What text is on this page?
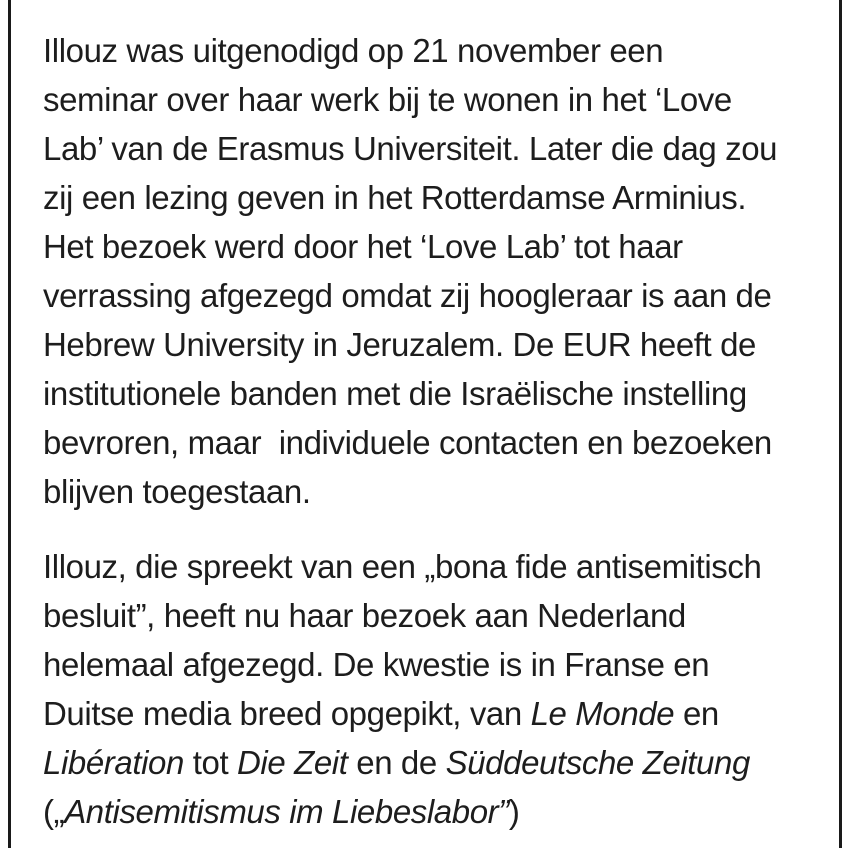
Illouz was uitgenodigd op 21 november een
seminar over haar werk bij te wonen in het ‘Love
Lab’ van de Erasmus Universiteit. Later die dag zou
zij een lezing geven in het Rotterdamse Arminius.
Het bezoek werd door het ‘Love Lab’ tot haar
verrassing afgezegd omdat zij hoogleraar is aan de
Hebrew University in Jeruzalem. De EUR heeft de
institutionele banden met die Israëlische instelling
bevroren, maar  individuele contacten en bezoeken
blijven toegestaan.
Illouz, die spreekt van een „bona fide antisemitisch
besluit”, heeft nu haar bezoek aan Nederland
helemaal afgezegd. De kwestie is in Franse en
Duitse media breed opgepikt, van Le Monde en
Libération tot Die Zeit en de Süddeutsche Zeitung
(„Antisemitismus im Liebeslabor”)
